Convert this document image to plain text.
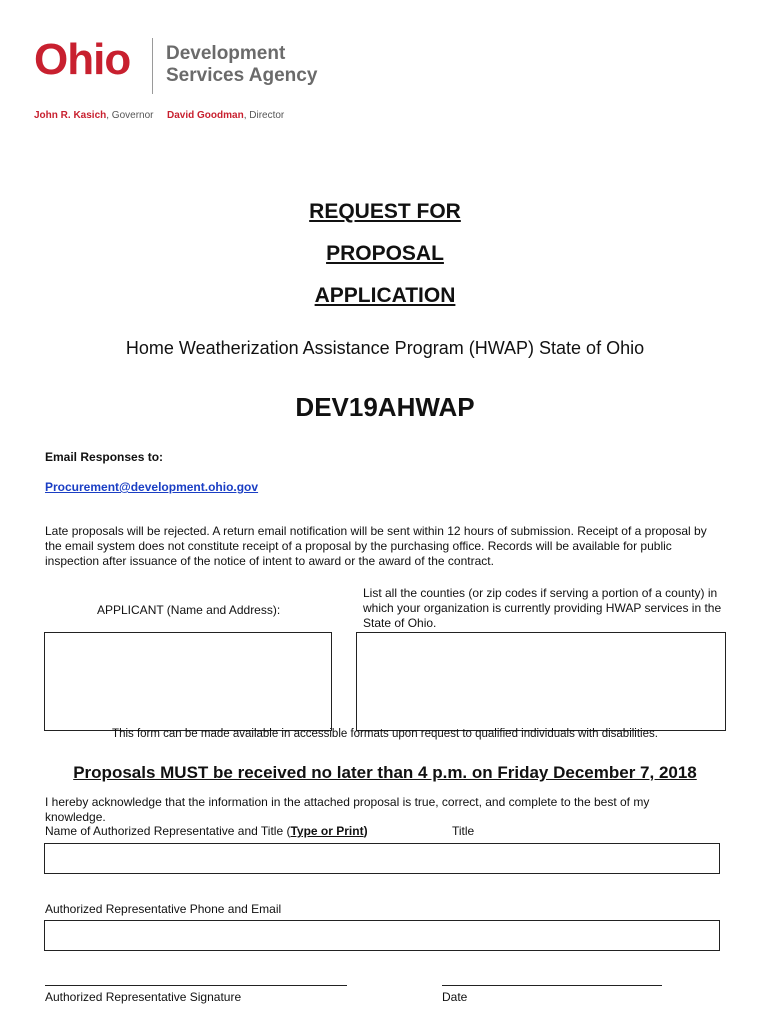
Ohio Development
Services Agency
John R. Kasich, Governor David Goodman, Director
REQUEST FOR
PROPOSAL
APPLICATION
Home Weatherization Assistance Program (HWAP) State of Ohio
DEV19AHWAP
Email Responses to:
Procurement@development.ohio.gov
Late proposals will be rejected. A return email notification will be sent within 12 hours of submission. Receipt of a proposal by the email system does not constitute receipt of a proposal by the purchasing office. Records will be available for public inspection after issuance of the notice of intent to award or the award of the contract.
APPLICANT (Name and Address):
List all the counties (or zip codes if serving a portion of a county) in which your organization is currently providing HWAP services in the State of Ohio.
This form can be made available in accessible formats upon request to qualified individuals with disabilities.
Proposals MUST be received no later than 4 p.m. on Friday December 7, 2018
I hereby acknowledge that the information in the attached proposal is true, correct, and complete to the best of my knowledge.
Name of Authorized Representative and Title (Type or Print)	Title
Authorized Representative Phone and Email
Authorized Representative Signature	Date
